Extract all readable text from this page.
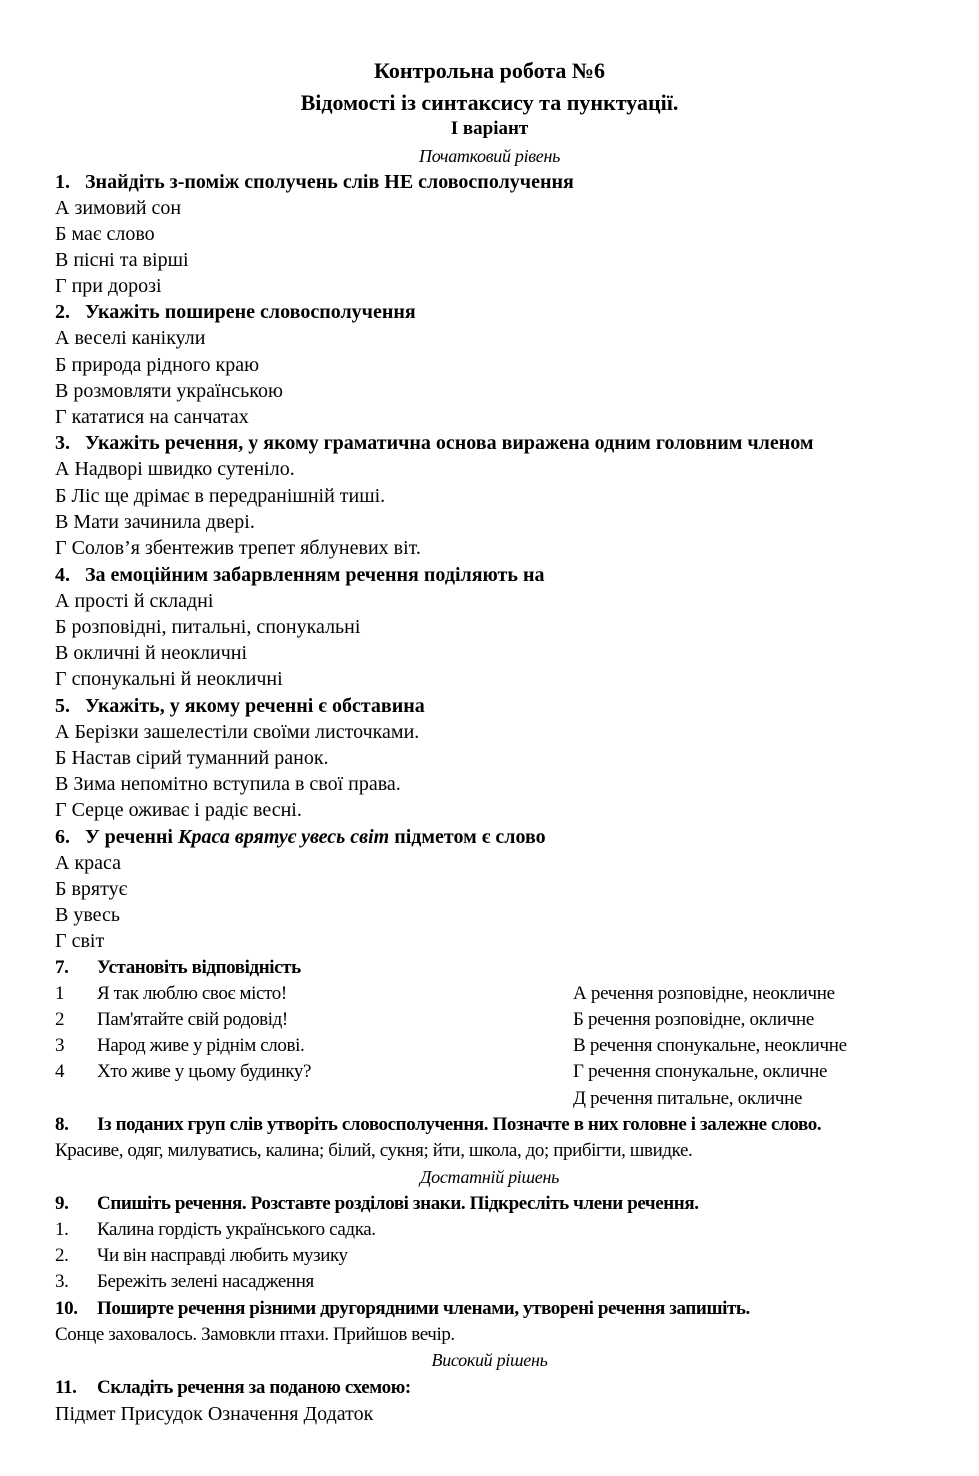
Контрольна робота №6
Відомості із синтаксису та пунктуації.
І варіант
Початковий рівень
1. Знайдіть з-поміж сполучень слів НЕ словосполучення
А зимовий сон
Б має слово
В пісні та вірші
Г при дорозі
2. Укажіть поширене словосполучення
А веселі канікули
Б природа рідного краю
В розмовляти українською
Г кататися на санчатах
3. Укажіть речення, у якому граматична основа виражена одним головним членом
А Надворі швидко сутеніло.
Б Ліс ще дрімає в передранішній тиші.
В Мати зачинила двері.
Г Солов’я збентежив трепет яблуневих віт.
4. За емоційним забарвленням речення поділяють на
А прості й складні
Б розповідні, питальні, спонукальні
В окличні й неокличні
Г спонукальні й неокличні
5. Укажіть, у якому реченні є обставина
А Берізки зашелестіли своїми листочками.
Б Настав сірий туманний ранок.
В Зима непомітно вступила в свої права.
Г Серце оживає і радіє весні.
6. У реченні Краса врятує увесь світ підметом є слово
А краса
Б врятує
В увесь
Г світ
7. Установіть відповідність
1 Я так люблю своє місто!
2 Пам'ятайте свій родовід!
3 Народ живе у ріднім слові.
4 Хто живе у цьому будинку?
А речення розповідне, неокличне
Б речення розповідне, окличне
В речення спонукальне, неокличне
Г речення спонукальне, окличне
Д речення питальне, окличне
8. Із поданих груп слів утворіть словосполучення. Позначте в них головне і залежне слово.
Красиве, одяг, милуватись, калина; білий, сукня; йти, школа, до; прибігти, швидке.
Достатній рішень
9. Спишіть речення. Розставте розділові знаки. Підкресліть члени речення.
1. Калина гордість українського садка.
2. Чи він насправді любить музику
3. Бережіть зелені насадження
10. Поширте речення різними другорядними членами, утворені речення запишіть.
Сонце заховалось. Замовкли птахи. Прийшов вечір.
Високий рішень
11. Складіть речення за поданою схемою:
Підмет Присудок Означення Додаток
